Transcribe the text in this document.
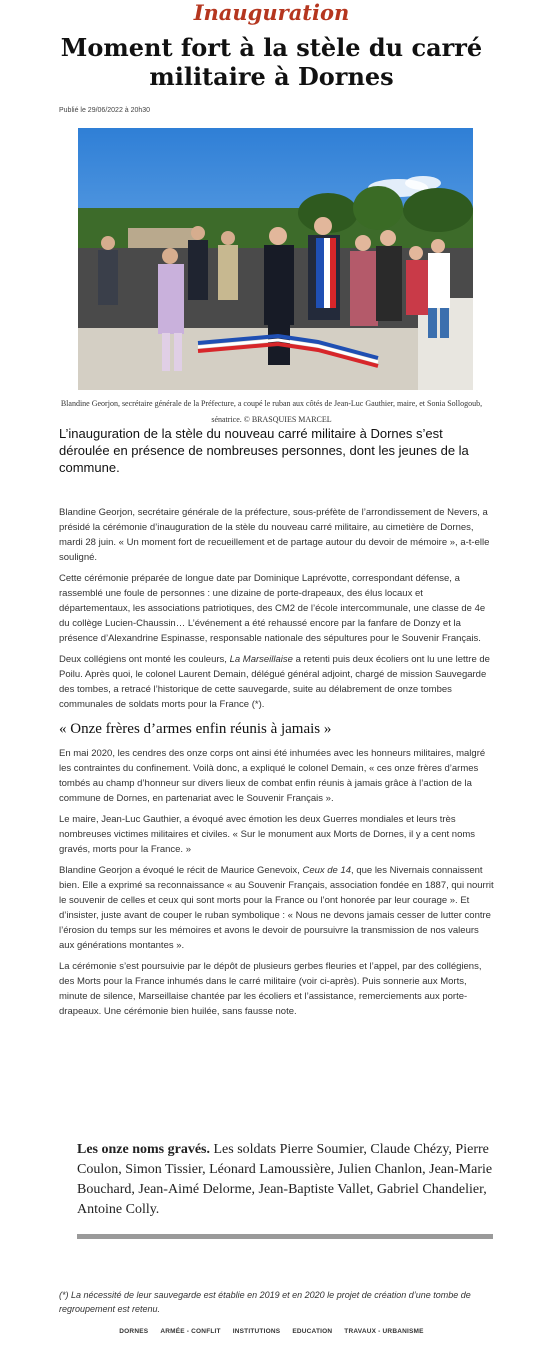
Inauguration
Moment fort à la stèle du carré militaire à Dornes
Publié le 29/06/2022 à 20h30
Blandine Georjon, secrétaire générale de la Préfecture, a coupé le ruban aux côtés de Jean-Luc Gauthier, maire, et Sonia Sollogoub, sénatrice. © BRASQUIES MARCEL
L’inauguration de la stèle du nouveau carré militaire à Dornes s’est déroulée en présence de nombreuses personnes, dont les jeunes de la commune.

Blandine Georjon, secrétaire générale de la préfecture, sous-préfète de l’arrondissement de Nevers, a présidé la cérémonie d’inauguration de la stèle du nouveau carré militaire, au cimetière de Dornes, mardi 28 juin. « Un moment fort de recueillement et de partage autour du devoir de mémoire », a-t-elle souligné.

Cette cérémonie préparée de longue date par Dominique Laprévotte, correspondant défense, a rassemblé une foule de personnes : une dizaine de porte-drapeaux, des élus locaux et départementaux, les associations patriotiques, des CM2 de l’école intercommunale, une classe de 4e du collège Lucien-Chaussin… L’événement a été rehaussé encore par la fanfare de Donzy et la présence d’Alexandrine Espinasse, responsable nationale des sépultures pour le Souvenir Français.

Deux collégiens ont monté les couleurs, La Marseillaise a retenti puis deux écoliers ont lu une lettre de Poilu. Après quoi, le colonel Laurent Demain, délégué général adjoint, chargé de mission Sauvegarde des tombes, a retracé l’historique de cette sauvegarde, suite au délabrement de onze tombes communales de soldats morts pour la France (*).

« Onze frères d’armes enfin réunis à jamais »

En mai 2020, les cendres des onze corps ont ainsi été inhumées avec les honneurs militaires, malgré les contraintes du confinement. Voilà donc, a expliqué le colonel Demain, « ces onze frères d’armes tombés au champ d’honneur sur divers lieux de combat enfin réunis à jamais grâce à l’action de la commune de Dornes, en partenariat avec le Souvenir Français ».

Le maire, Jean-Luc Gauthier, a évoqué avec émotion les deux Guerres mondiales et leurs très nombreuses victimes militaires et civiles. « Sur le monument aux Morts de Dornes, il y a cent noms gravés, morts pour la France. »

Blandine Georjon a évoqué le récit de Maurice Genevoix, Ceux de 14, que les Nivernais connaissent bien. Elle a exprimé sa reconnaissance « au Souvenir Français, association fondée en 1887, qui nourrit le souvenir de celles et ceux qui sont morts pour la France ou l’ont honorée par leur courage ». Et d’insister, juste avant de couper le ruban symbolique : « Nous ne devons jamais cesser de lutter contre l’érosion du temps sur les mémoires et avons le devoir de poursuivre la transmission de nos valeurs aux générations montantes ».

La cérémonie s’est poursuivie par le dépôt de plusieurs gerbes fleuries et l’appel, par des collégiens, des Morts pour la France inhumés dans le carré militaire (voir ci-après). Puis sonnerie aux Morts, minute de silence, Marseillaise chantée par les écoliers et l’assistance, remerciements aux porte-drapeaux. Une cérémonie bien huilée, sans fausse note.

Les onze noms gravés. Les soldats Pierre Soumier, Claude Chézy, Pierre Coulon, Simon Tissier, Léonard Lamoussière, Julien Chanlon, Jean-Marie Bouchard, Jean-Aimé Delorme, Jean-Baptiste Vallet, Gabriel Chandelier, Antoine Colly.
(*) La nécessité de leur sauvegarde est établie en 2019 et en 2020 le projet de création d’une tombe de regroupement est retenu.
DORNES ARMÉE - CONFLIT INSTITUTIONS EDUCATION TRAVAUX - URBANISME
